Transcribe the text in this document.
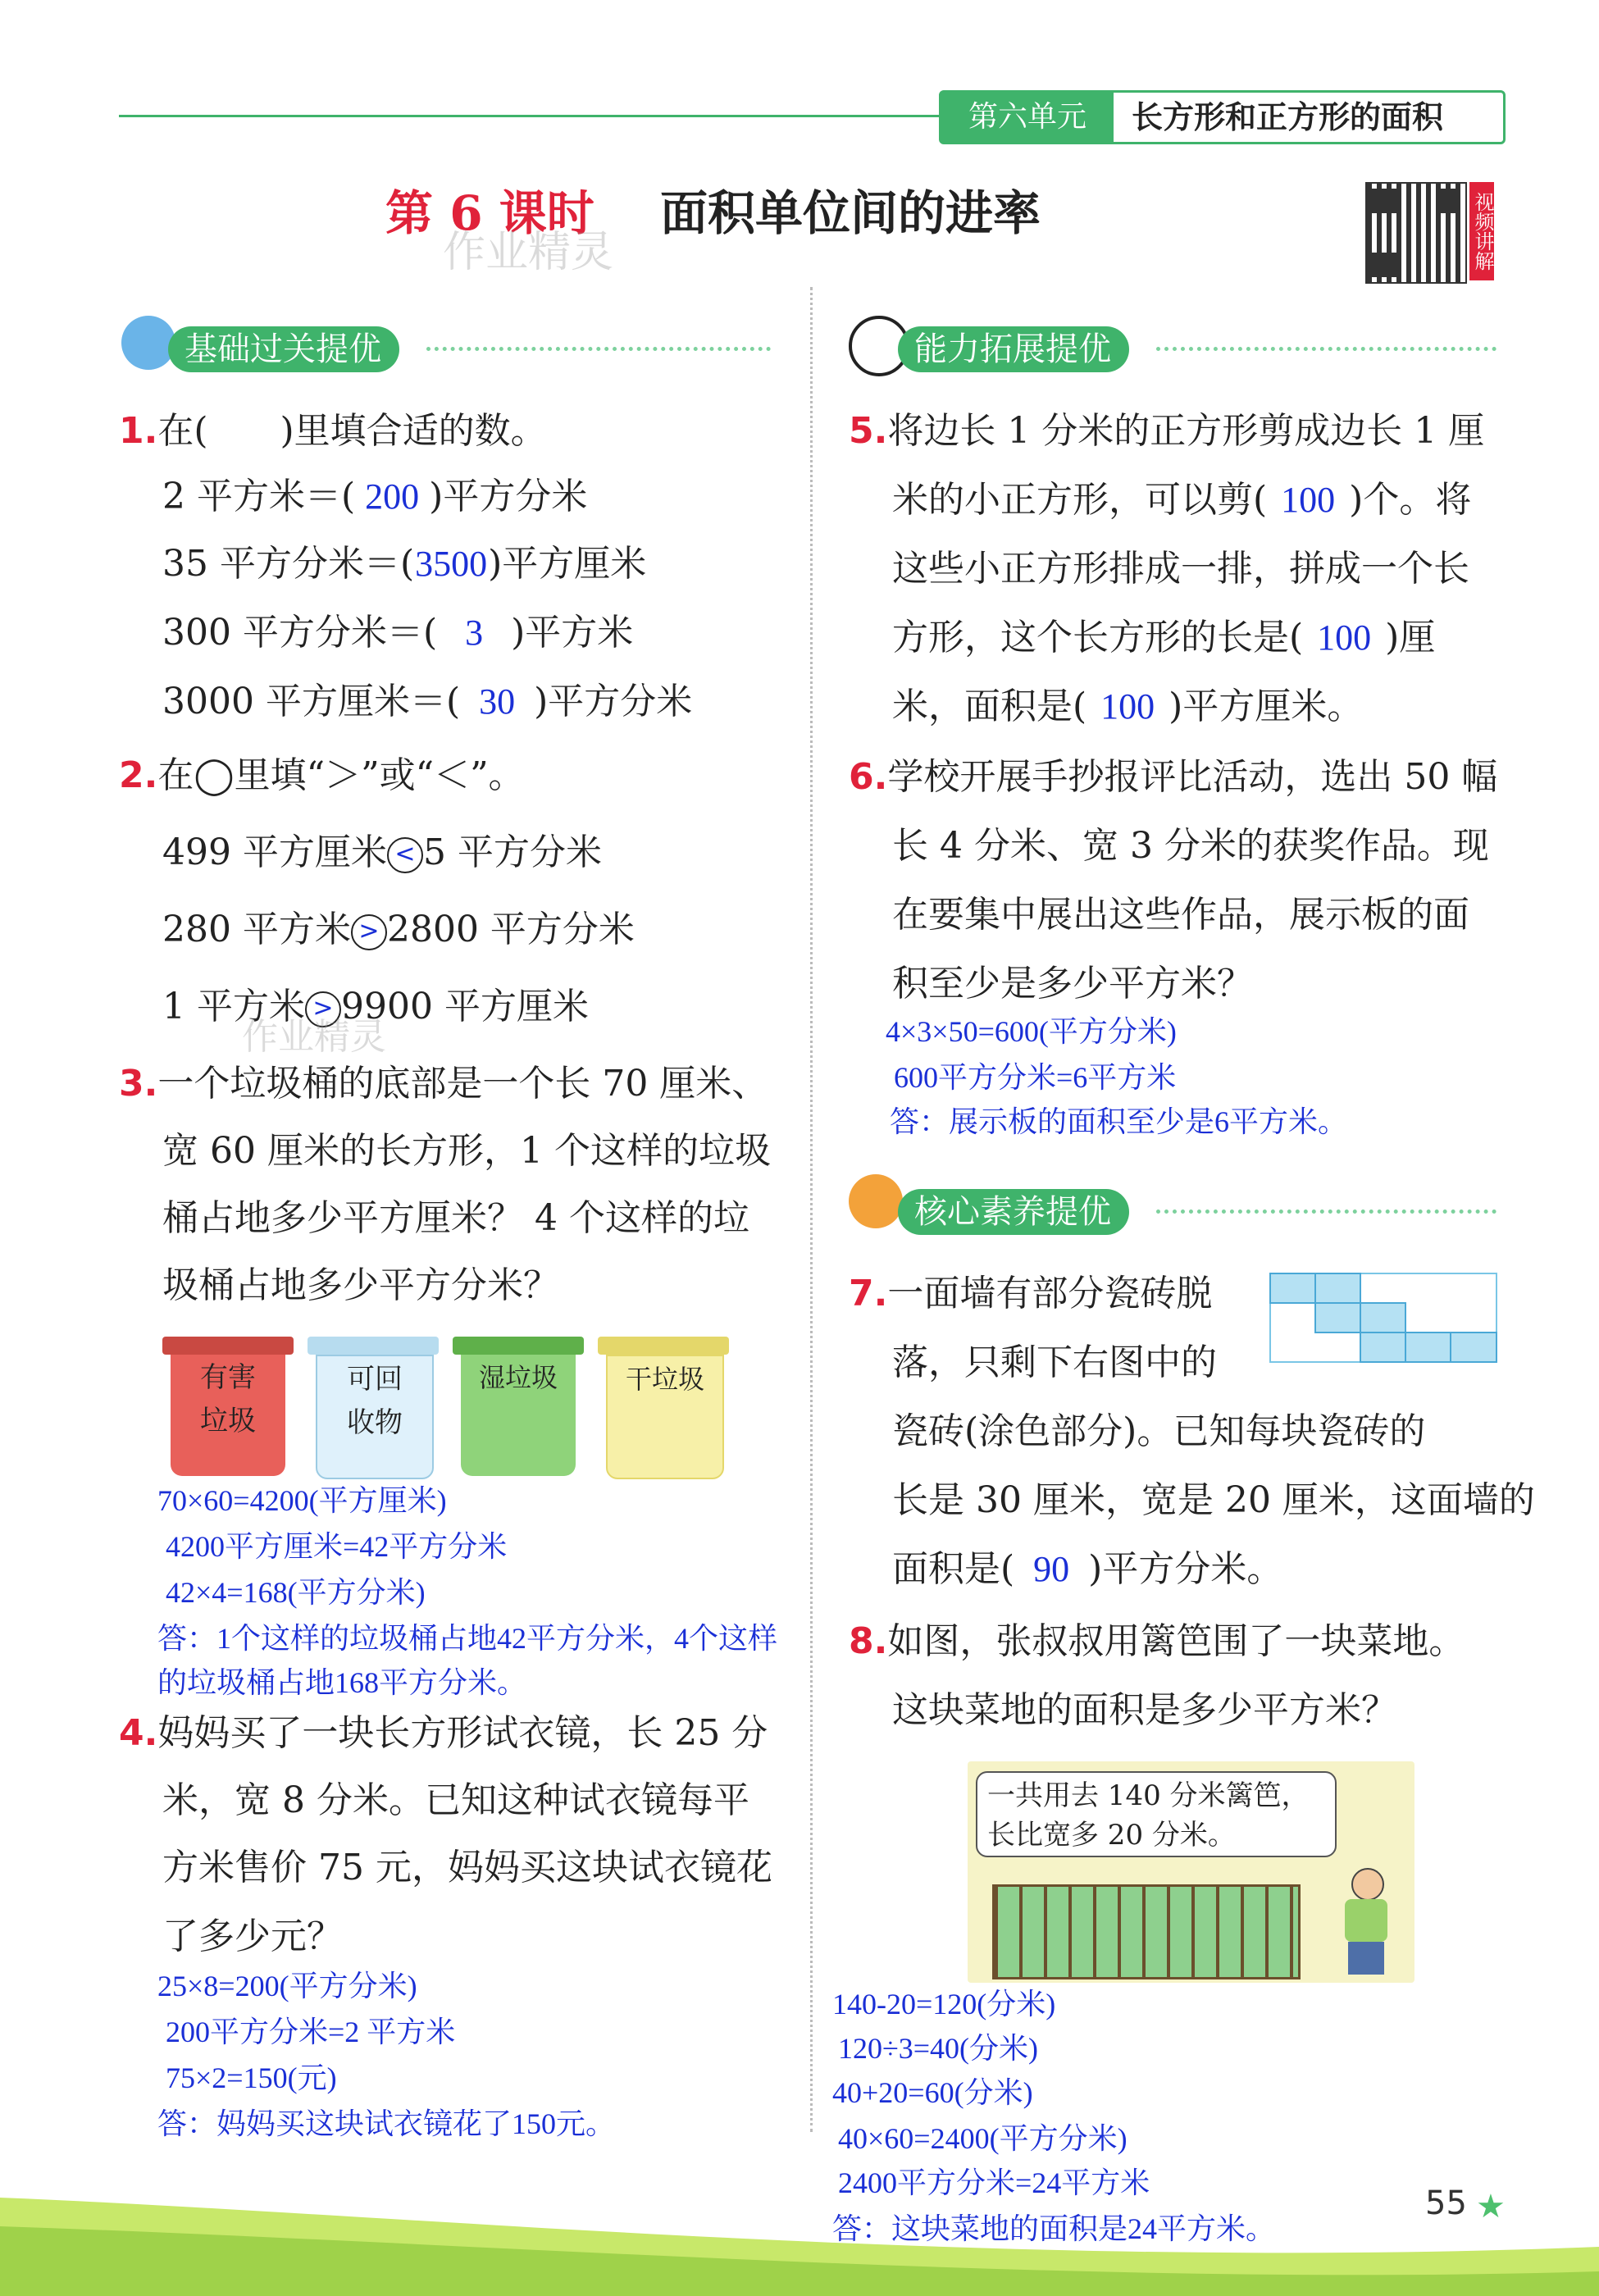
第六单元	长方形和正方形的面积
第 6 课时 面积单位间的进率
作业精灵	视频讲解
基础过关提优
1.在(　　)里填合适的数。
2 平方米＝( 200 )平方分米
35 平方分米＝(3500)平方厘米
300 平方分米＝( 3 )平方米
3000 平方厘米＝( 30 )平方分米
2.在◯里填“＞”或“＜”。
499 平方厘米 < 5 平方分米
280 平方米 > 2800 平方分米
1 平方米 > 9900 平方厘米
作业精灵
3.一个垃圾桶的底部是一个长 70 厘米、
宽 60 厘米的长方形，1 个这样的垃圾
桶占地多少平方厘米？ 4 个这样的垃
圾桶占地多少平方分米？
有害
垃圾
可回
收物
湿垃圾	干垃圾
70×60=4200(平方厘米)
4200平方厘米=42平方分米
42×4=168(平方分米)
答：1个这样的垃圾桶占地42平方分米，4个这样
的垃圾桶占地168平方分米。
4.妈妈买了一块长方形试衣镜，长 25 分
米，宽 8 分米。已知这种试衣镜每平
方米售价 75 元，妈妈买这块试衣镜花
了多少元？
25×8=200(平方分米)
200平方分米=2 平方米
75×2=150(元)
答：妈妈买这块试衣镜花了150元。
能力拓展提优
5.将边长 1 分米的正方形剪成边长 1 厘
米的小正方形，可以剪( 100 )个。将
这些小正方形排成一排，拼成一个长
方形，这个长方形的长是( 100 )厘
米，面积是( 100 )平方厘米。
6.学校开展手抄报评比活动，选出 50 幅
长 4 分米、宽 3 分米的获奖作品。现
在要集中展出这些作品，展示板的面
积至少是多少平方米？
4×3×50=600(平方分米)
600平方分米=6平方米
答：展示板的面积至少是6平方米。
核心素养提优
7.一面墙有部分瓷砖脱
落，只剩下右图中的
瓷砖(涂色部分)。已知每块瓷砖的
长是 30 厘米，宽是 20 厘米，这面墙的
面积是( 90 )平方分米。
8.如图，张叔叔用篱笆围了一块菜地。
这块菜地的面积是多少平方米？
一共用去 140 分米篱笆，
长比宽多 20 分米。
140-20=120(分米)
120÷3=40(分米)
40+20=60(分米)
40×60=2400(平方分米)
2400平方分米=24平方米
答：这块菜地的面积是24平方米。
55 ★
